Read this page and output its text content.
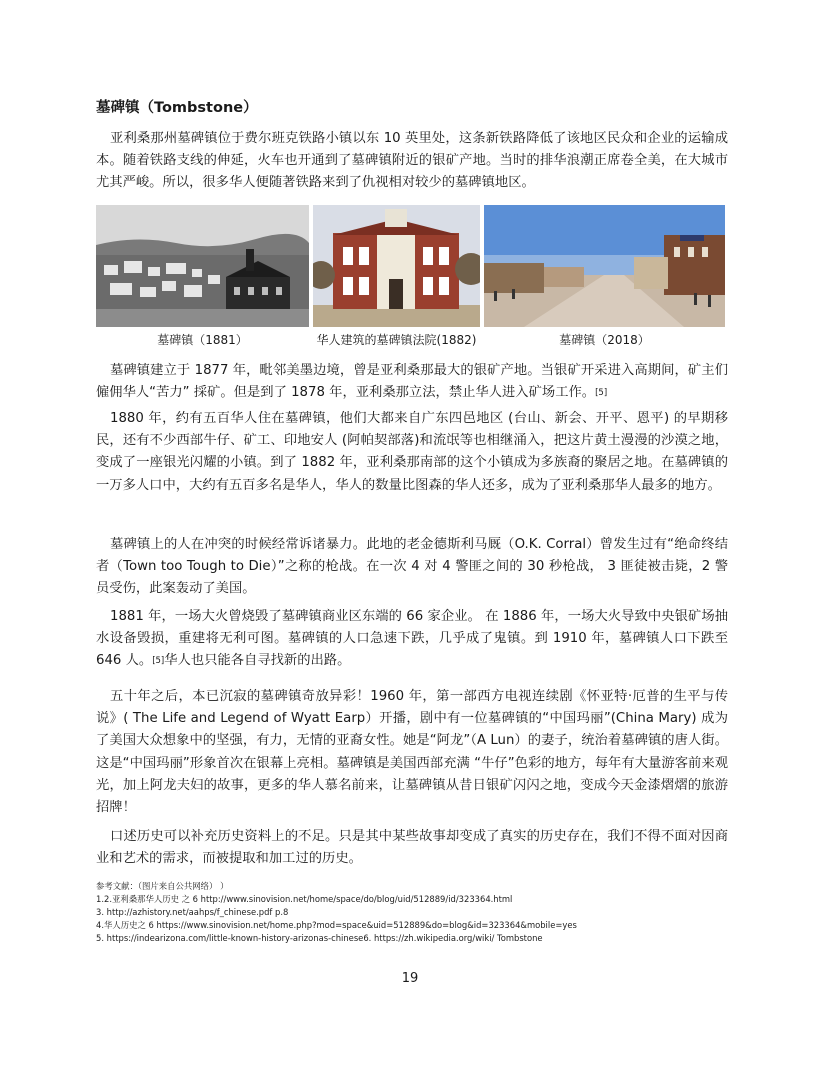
墓碑镇（Tombstone）

亚利桑那州墓碑镇位于费尔班克铁路小镇以东 10 英里处，这条新铁路降低了该地区民众和企业的运输成本。随着铁路支线的伸延，火车也开通到了墓碑镇附近的银矿产地。当时的排华浪潮正席卷全美，在大城市尤其严峻。所以，很多华人便随著铁路来到了仇视相对较少的墓碑镇地区。

墓碑镇（1881）	华人建筑的墓碑镇法院(1882)	墓碑镇（2018）

墓碑镇建立于 1877 年，毗邻美墨边境，曾是亚利桑那最大的银矿产地。当银矿开采进入高期间，矿主们僱佣华人“苦力” 採矿。但是到了 1878 年，亚利桑那立法，禁止华人进入矿场工作。[5]

1880 年，约有五百华人住在墓碑镇，他们大都来自广东四邑地区 (台山、新会、开平、恩平) 的早期移民，还有不少西部牛仔、矿工、印地安人 (阿帕契部落)和流氓等也相继涌入，把这片黄土漫漫的沙漠之地，变成了一座银光闪耀的小镇。到了 1882 年，亚利桑那南部的这个小镇成为多族裔的聚居之地。在墓碑镇的一万多人口中，大约有五百多名是华人，华人的数量比图森的华人还多，成为了亚利桑那华人最多的地方。

墓碑镇上的人在冲突的时候经常诉诸暴力。此地的老金德斯利马厩（O.K. Corral）曾发生过有“绝命终结者（Town too Tough to Die）”之称的枪战。在一次 4 对 4 警匪之间的 30 秒枪战， 3 匪徒被击毙，2 警员受伤，此案轰动了美国。

1881 年，一场大火曾烧毁了墓碑镇商业区东端的 66 家企业。 在 1886 年，一场大火导致中央银矿场抽水设备毁损，重建将无利可图。墓碑镇的人口急速下跌，几乎成了鬼镇。到 1910 年，墓碑镇人口下跌至 646 人。[5]华人也只能各自寻找新的出路。

五十年之后，本已沉寂的墓碑镇奇放异彩！1960 年，第一部西方电视连续剧《怀亚特·厄普的生平与传说》( The Life and Legend of Wyatt Earp）开播，剧中有一位墓碑镇的“中国玛丽”(China Mary) 成为了美国大众想象中的坚强，有力，无情的亚裔女性。她是“阿龙”（A Lun）的妻子，统治着墓碑镇的唐人街。这是“中国玛丽”形象首次在银幕上亮相。墓碑镇是美国西部充满 “牛仔”色彩的地方，每年有大量游客前来观光，加上阿龙夫妇的故事，更多的华人慕名前来，让墓碑镇从昔日银矿闪闪之地，变成今天金漆熠熠的旅游招牌！

口述历史可以补充历史资料上的不足。只是其中某些故事却变成了真实的历史存在，我们不得不面对因商业和艺术的需求，而被提取和加工过的历史。

参考文献：（图片来自公共网络） ）
1.2.亚利桑那华人历史 之 6 http://www.sinovision.net/home/space/do/blog/uid/512889/id/323364.html
3. http://azhistory.net/aahps/f_chinese.pdf p.8
4.华人历史之 6 https://www.sinovision.net/home.php?mod=space&uid=512889&do=blog&id=323364&mobile=yes
5. https://indearizona.com/little-known-history-arizonas-chinese6. https://zh.wikipedia.org/wiki/ Tombstone
19
